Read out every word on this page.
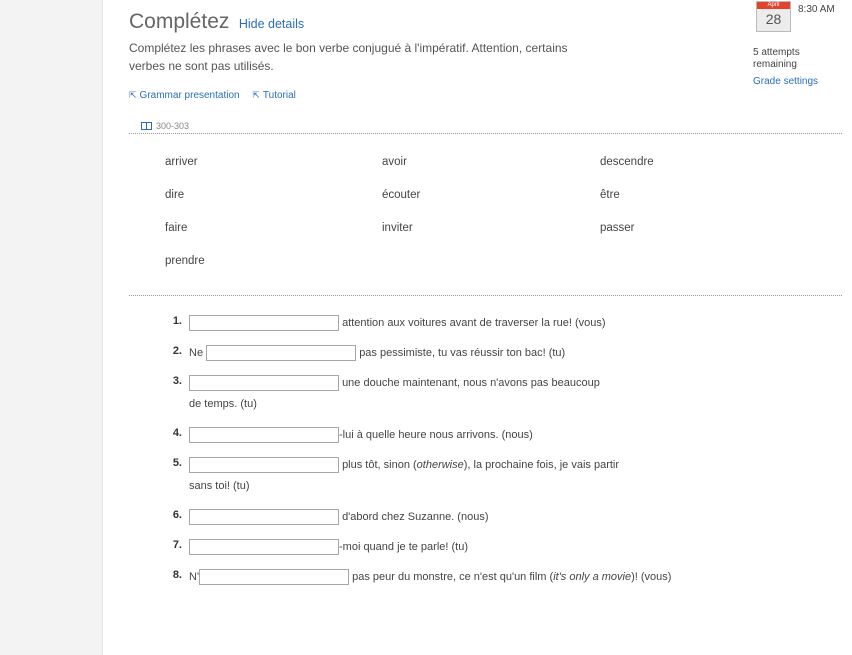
Complétez Hide details
Complétez les phrases avec le bon verbe conjugué à l'impératif. Attention, certains verbes ne sont pas utilisés.
⇱ Grammar presentation ⇱ Tutorial
300-303
arriver	avoir	descendre
dire	écouter	être
faire	inviter	passer
prendre
1.	attention aux voitures avant de traverser la rue! (vous)
2. Ne	pas pessimiste, tu vas réussir ton bac! (tu)
3.	une douche maintenant, nous n'avons pas beaucoup
de temps. (tu)
4.	-lui à quelle heure nous arrivons. (nous)
5.	plus tôt, sinon (otherwise), la prochaine fois, je vais partir
sans toi! (tu)
6.	d'abord chez Suzanne. (nous)
7.	-moi quand je te parle! (tu)
8. N'	pas peur du monstre, ce n'est qu'un film (it's only a movie)! (vous)
April
28
8:30 AM
5 attempts remaining
Grade settings
